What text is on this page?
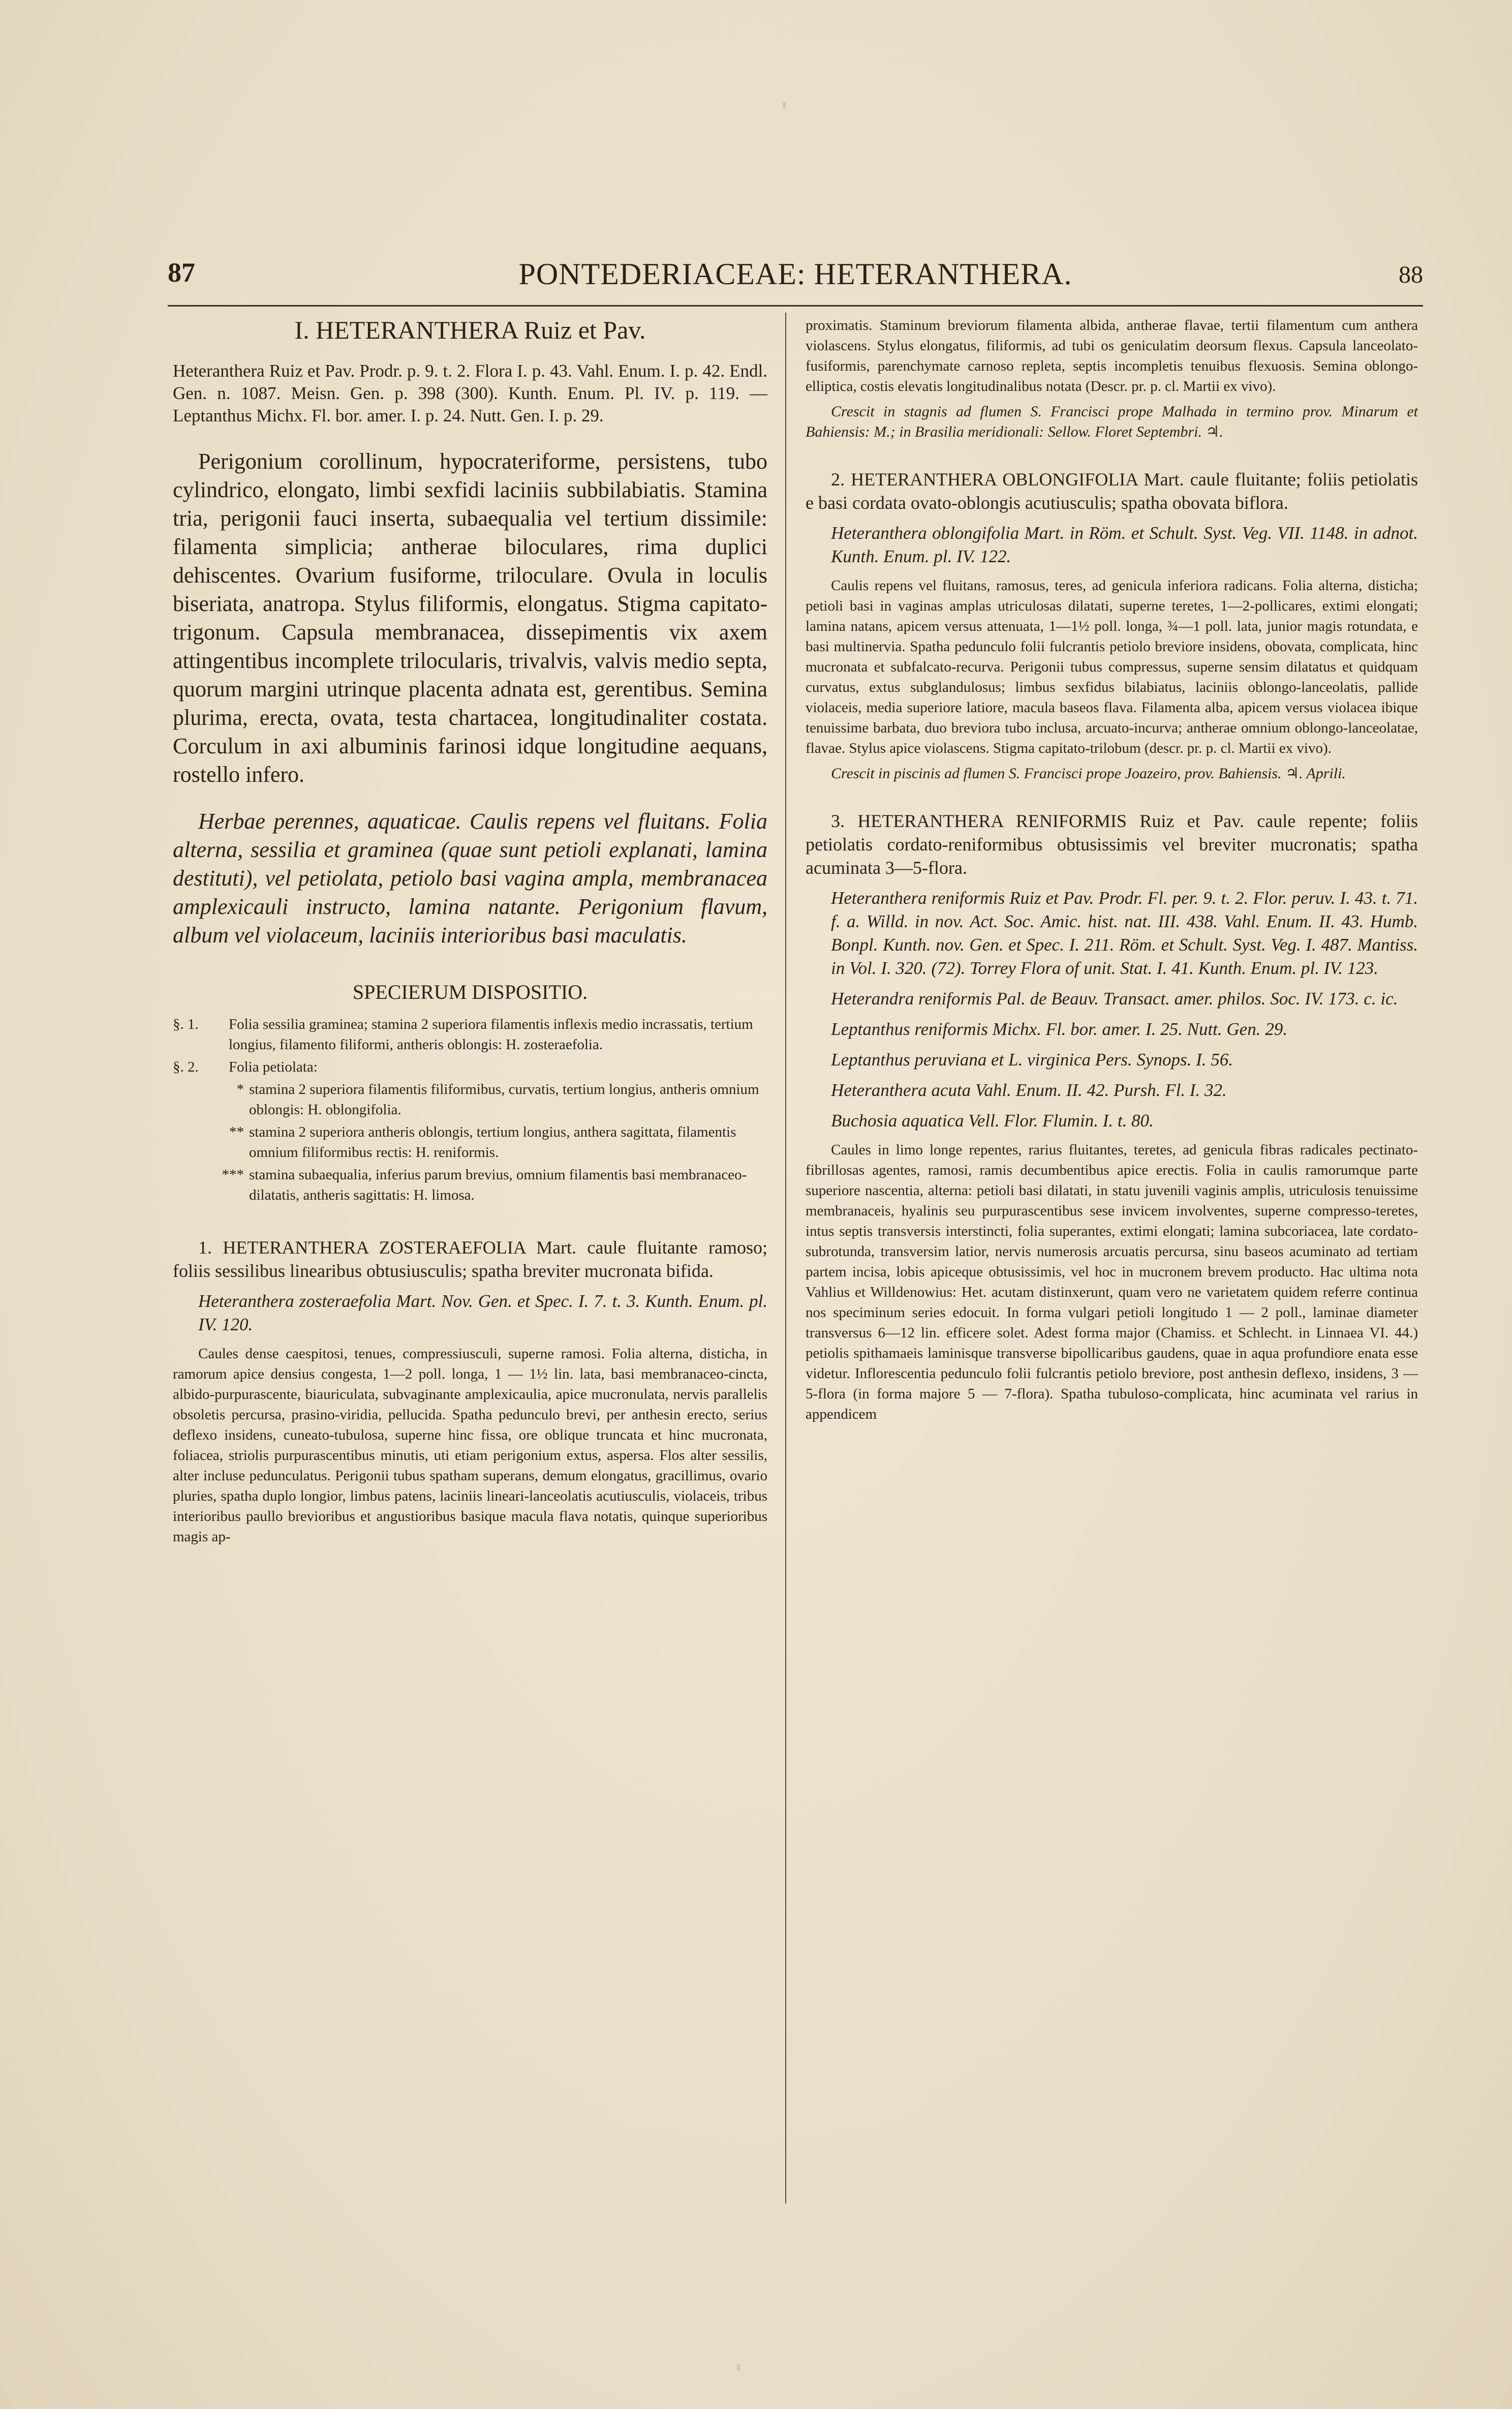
87	PONTEDERIACEAE: HETERANTHERA.	88

I. HETERANTHERA Ruiz et Pav.

Heteranthera Ruiz et Pav. Prodr. p. 9. t. 2. Flora I. p. 43. Vahl. Enum. I. p. 42. Endl. Gen. n. 1087. Meisn. Gen. p. 398 (300). Kunth. Enum. Pl. IV. p. 119. — Leptanthus Michx. Fl. bor. amer. I. p. 24. Nutt. Gen. I. p. 29.

Perigonium corollinum, hypocrateriforme, persistens, tubo cylindrico, elongato, limbi sexfidi laciniis subbilabiatis. Stamina tria, perigonii fauci inserta, subaequalia vel tertium dissimile: filamenta simplicia; antherae biloculares, rima duplici dehiscentes. Ovarium fusiforme, triloculare. Ovula in loculis biseriata, anatropa. Stylus filiformis, elongatus. Stigma capitato-trigonum. Capsula membranacea, dissepimentis vix axem attingentibus incomplete trilocularis, trivalvis, valvis medio septa, quorum margini utrinque placenta adnata est, gerentibus. Semina plurima, erecta, ovata, testa chartacea, longitudinaliter costata. Corculum in axi albuminis farinosi idque longitudine aequans, rostello infero.

Herbae perennes, aquaticae. Caulis repens vel fluitans. Folia alterna, sessilia et graminea (quae sunt petioli explanati, lamina destituti), vel petiolata, petiolo basi vagina ampla, membranacea amplexicauli instructo, lamina natante. Perigonium flavum, album vel violaceum, laciniis interioribus basi maculatis.

SPECIERUM DISPOSITIO.

§. 1.	Folia sessilia graminea; stamina 2 superiora filamentis inflexis medio incrassatis, tertium longius, filamento filiformi, antheris oblongis: H. zosteraefolia.
§. 2.	Folia petiolata:
* stamina 2 superiora filamentis filiformibus, curvatis, tertium longius, antheris omnium oblongis: H. oblongifolia.
** stamina 2 superiora antheris oblongis, tertium longius, anthera sagittata, filamentis omnium filiformibus rectis: H. reniformis.
*** stamina subaequalia, inferius parum brevius, omnium filamentis basi membranaceo-dilatatis, antheris sagittatis: H. limosa.

1. HETERANTHERA ZOSTERAEFOLIA Mart. caule fluitante ramoso; foliis sessilibus linearibus obtusiusculis; spatha breviter mucronata bifida.

Heteranthera zosteraefolia Mart. Nov. Gen. et Spec. I. 7. t. 3. Kunth. Enum. pl. IV. 120.

Caules dense caespitosi, tenues, compressiusculi, superne ramosi. Folia alterna, disticha, in ramorum apice densius congesta, 1—2 poll. longa, 1 — 1½ lin. lata, basi membranaceo-cincta, albido-purpurascente, biauriculata, subvaginante amplexicaulia, apice mucronulata, nervis parallelis obsoletis percursa, prasino-viridia, pellucida. Spatha pedunculo brevi, per anthesin erecto, serius deflexo insidens, cuneato-tubulosa, superne hinc fissa, ore oblique truncata et hinc mucronata, foliacea, striolis purpurascentibus minutis, uti etiam perigonium extus, aspersa. Flos alter sessilis, alter incluse pedunculatus. Perigonii tubus spatham superans, demum elongatus, gracillimus, ovario pluries, spatha duplo longior, limbus patens, laciniis lineari-lanceolatis acutiusculis, violaceis, tribus interioribus paullo brevioribus et angustioribus basique macula flava notatis, quinque superioribus magis ap-

proximatis. Staminum breviorum filamenta albida, antherae flavae, tertii filamentum cum anthera violascens. Stylus elongatus, filiformis, ad tubi os geniculatim deorsum flexus. Capsula lanceolato-fusiformis, parenchymate carnoso repleta, septis incompletis tenuibus flexuosis. Semina oblongo-elliptica, costis elevatis longitudinalibus notata (Descr. pr. p. cl. Martii ex vivo).

Crescit in stagnis ad flumen S. Francisci prope Malhada in termino prov. Minarum et Bahiensis: M.; in Brasilia meridionali: Sellow. Floret Septembri. ♃.

2. HETERANTHERA OBLONGIFOLIA Mart. caule fluitante; foliis petiolatis e basi cordata ovato-oblongis acutiusculis; spatha obovata biflora.

Heteranthera oblongifolia Mart. in Röm. et Schult. Syst. Veg. VII. 1148. in adnot. Kunth. Enum. pl. IV. 122.

Caulis repens vel fluitans, ramosus, teres, ad genicula inferiora radicans. Folia alterna, disticha; petioli basi in vaginas amplas utriculosas dilatati, superne teretes, 1—2-pollicares, extimi elongati; lamina natans, apicem versus attenuata, 1—1½ poll. longa, ¾—1 poll. lata, junior magis rotundata, e basi multinervia. Spatha pedunculo folii fulcrantis petiolo breviore insidens, obovata, complicata, hinc mucronata et subfalcato-recurva. Perigonii tubus compressus, superne sensim dilatatus et quidquam curvatus, extus subglandulosus; limbus sexfidus bilabiatus, laciniis oblongo-lanceolatis, pallide violaceis, media superiore latiore, macula baseos flava. Filamenta alba, apicem versus violacea ibique tenuissime barbata, duo breviora tubo inclusa, arcuato-incurva; antherae omnium oblongo-lanceolatae, flavae. Stylus apice violascens. Stigma capitato-trilobum (descr. pr. p. cl. Martii ex vivo).

Crescit in piscinis ad flumen S. Francisci prope Joazeiro, prov. Bahiensis. ♃. Aprili.

3. HETERANTHERA RENIFORMIS Ruiz et Pav. caule repente; foliis petiolatis cordato-reniformibus obtusissimis vel breviter mucronatis; spatha acuminata 3—5-flora.

Heteranthera reniformis Ruiz et Pav. Prodr. Fl. per. 9. t. 2. Flor. peruv. I. 43. t. 71. f. a. Willd. in nov. Act. Soc. Amic. hist. nat. III. 438. Vahl. Enum. II. 43. Humb. Bonpl. Kunth. nov. Gen. et Spec. I. 211. Röm. et Schult. Syst. Veg. I. 487. Mantiss. in Vol. I. 320. (72). Torrey Flora of unit. Stat. I. 41. Kunth. Enum. pl. IV. 123.

Heterandra reniformis Pal. de Beauv. Transact. amer. philos. Soc. IV. 173. c. ic.

Leptanthus reniformis Michx. Fl. bor. amer. I. 25. Nutt. Gen. 29.

Leptanthus peruviana et L. virginica Pers. Synops. I. 56.

Heteranthera acuta Vahl. Enum. II. 42. Pursh. Fl. I. 32.

Buchosia aquatica Vell. Flor. Flumin. I. t. 80.

Caules in limo longe repentes, rarius fluitantes, teretes, ad genicula fibras radicales pectinato-fibrillosas agentes, ramosi, ramis decumbentibus apice erectis. Folia in caulis ramorumque parte superiore nascentia, alterna: petioli basi dilatati, in statu juvenili vaginis amplis, utriculosis tenuissime membranaceis, hyalinis seu purpurascentibus sese invicem involventes, superne compresso-teretes, intus septis transversis interstincti, folia superantes, extimi elongati; lamina subcoriacea, late cordato-subrotunda, transversim latior, nervis numerosis arcuatis percursa, sinu baseos acuminato ad tertiam partem incisa, lobis apiceque obtusissimis, vel hoc in mucronem brevem producto. Hac ultima nota Vahlius et Willdenowius: Het. acutam distinxerunt, quam vero ne varietatem quidem referre continua nos speciminum series edocuit. In forma vulgari petioli longitudo 1 — 2 poll., laminae diameter transversus 6—12 lin. efficere solet. Adest forma major (Chamiss. et Schlecht. in Linnaea VI. 44.) petiolis spithamaeis laminisque transverse bipollicaribus gaudens, quae in aqua profundiore enata esse videtur. Inflorescentia pedunculo folii fulcrantis petiolo breviore, post anthesin deflexo, insidens, 3 — 5-flora (in forma majore 5 — 7-flora). Spatha tubuloso-complicata, hinc acuminata vel rarius in appendicem
